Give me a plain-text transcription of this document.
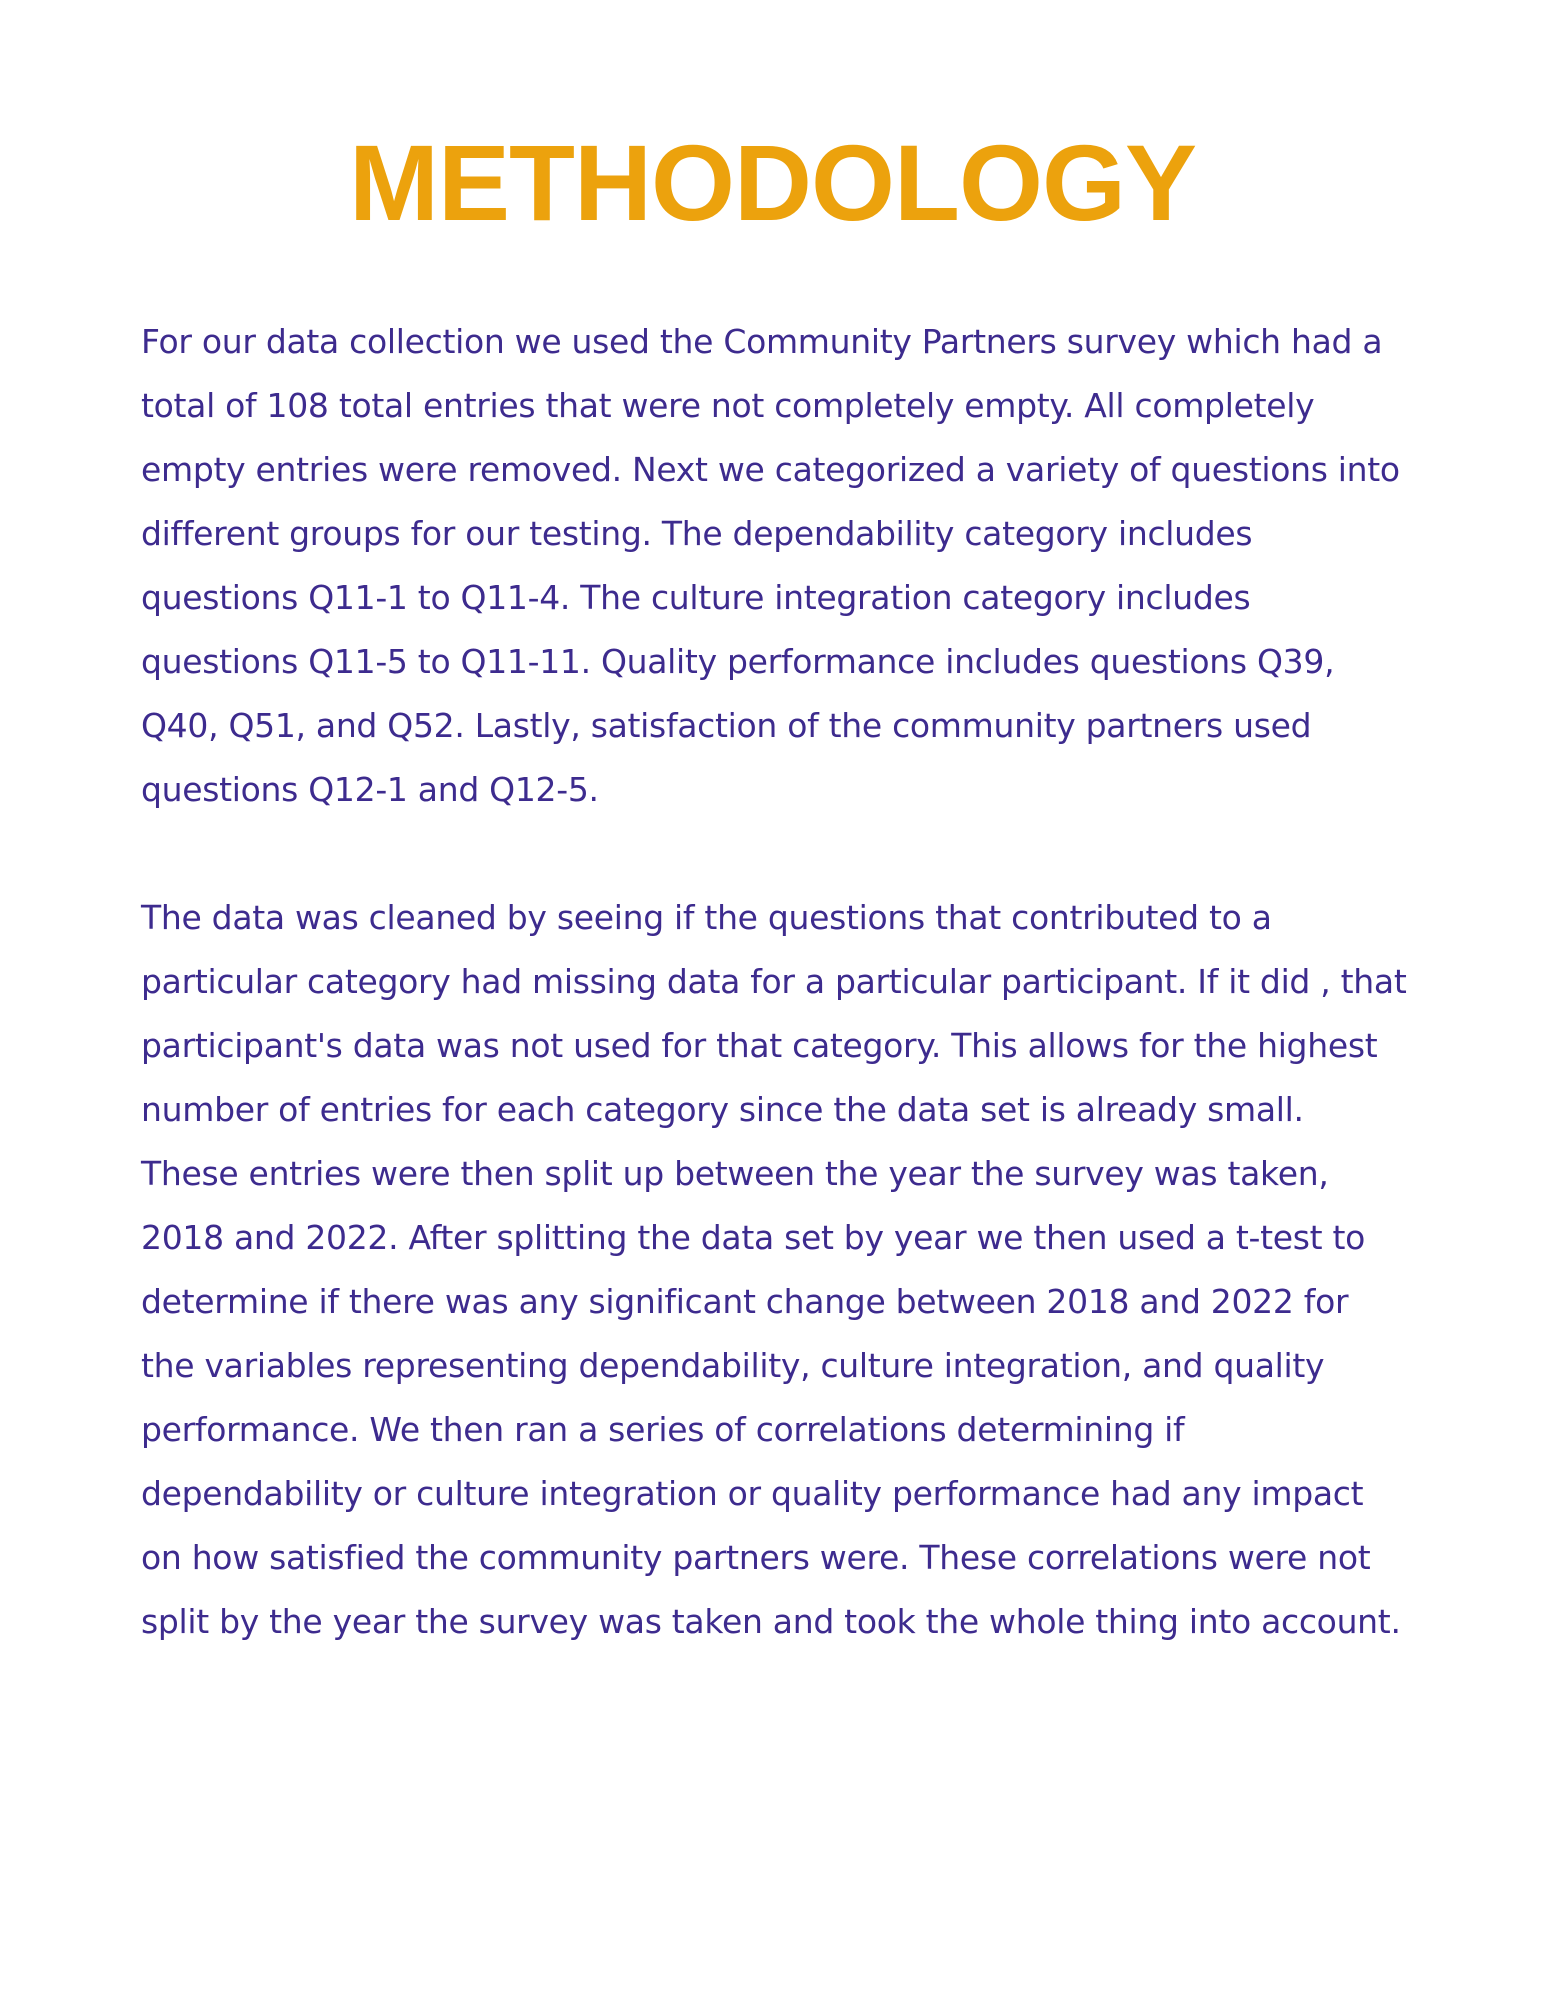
METHODOLOGY

For our data collection we used the Community Partners survey which had a total of 108 total entries that were not completely empty. All completely empty entries were removed. Next we categorized a variety of questions into different groups for our testing. The dependability category includes questions Q11-1 to Q11-4. The culture integration category includes questions Q11-5 to Q11-11. Quality performance includes questions Q39, Q40, Q51, and Q52. Lastly, satisfaction of the community partners used questions Q12-1 and Q12-5.

The data was cleaned by seeing if the questions that contributed to a particular category had missing data for a particular participant. If it did , that participant's data was not used for that category. This allows for the highest number of entries for each category since the data set is already small. These entries were then split up between the year the survey was taken, 2018 and 2022. After splitting the data set by year we then used a t-test to determine if there was any significant change between 2018 and 2022 for the variables representing dependability, culture integration, and quality performance. We then ran a series of correlations determining if dependability or culture integration or quality performance had any impact on how satisfied the community partners were. These correlations were not split by the year the survey was taken and took the whole thing into account.
